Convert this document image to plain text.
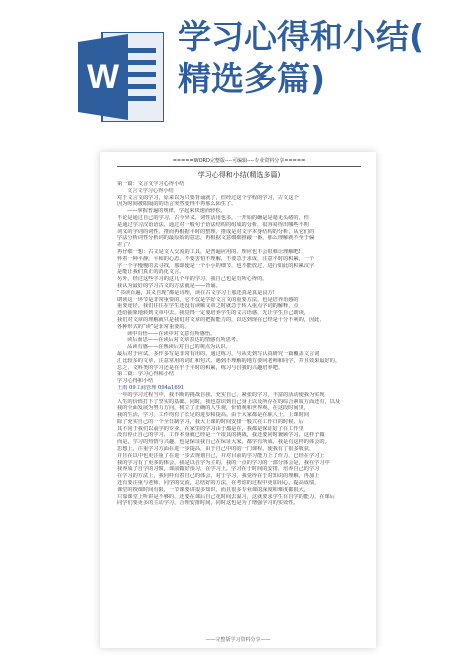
W
学习心得和小结(
精选多篇)
=====WORD完整版----可编辑----专业资料分享=====
学习心得和小结(精选多篇)
第一篇：文言文学习心得小结
文言文学习心得小结
对于文言文的学习，原来以为只要背诵就了，但经过这个学程的学习，古文这个
因为时间被限隔的的语言突然变得不再那么陌生了。
——掌握普遍的规律，学起来快速而轻松。
不论是通过自己的学习，古今异义，词性活用也多。一开始的确是是毫无头绪的，但
是通过学习汉语语法，通过对一般句子语法结构的组成的分析，很容易得出哪些不明
词义的字词的词性，推而再根据平时的整理，推成是对文字本身结构的分析，从它们的
学法分析词性分析词的最原始的意思，再根据文意细细推敲一番，那么理解就不至于偏
差了？
再仔细一想：古文是文人交流的工具，是普遍应用的，理应也不会很难让理解吧!
怀着一种平静，平和的心态，不要害怕不理解，不要急于求成，注意平时的积累，一个
字一个字慢慢的去寻找，那即使是一个小小的细节，也不能放过，进行如此的积累汉字
是能让我们真正的消化文言。
另外，经过这些学习的这几个年的学习，我自己也是有所心得的。
我认为最好的学习古文的方法就是——背诵。
“书读百遍，其义自现”都是诗理，读在古文学习上那还真是真是良方!
朗读这一环节是非常重要的，它不仅是学好文言文的重要方法，也是培养语感的
重要途径。我们往往在学生还没有读顺文章之时就急于转入重点字词的解释，点
还给抽象地转到文章中去。我觉得一定要培养学生的文言语感，先让学生自己朗读，
我们对文章的理解就只是我们对文章的把握能力的，以达到现在已经是十分不利的，因此，
各种形式的“读”是非常重要的。
读中有悟——在读中对文意有所感悟。
读后而思——在读后对文章表达的情感有所思考。
品读有感——在熟读后对自己的观点为认识。
最后对于应试，多作多写是非常有用的，通过练习，与从先到写认真研究一篇覆盖文言词
汇比较多的文章，注意常用的词汇和句式，遇到不理解的地方要问老师和同学，并且效果最好的。
总之，文科类的学习还是在乎于平时的积累，练习与自我的兴趣培养吧。
第二篇：学习心得和小结
学习心得和小结
王雨 09工商管理 094a1691
一年的学习过程当中，我不断的挑战自我，充实自己，紧张的学习，丰富的活动使我为实现
人生的价值打下了坚实的基础。同时，我也意识到自己身上以及所存在的综合素质方面还有，以及
我的全面发展为努力方向，树立了正确的人生观，价值观和世界观。在这段时间里，
我的生活，学习，工作均有了长足的进步和提高。由于大家都是在职人士，上课时间
除了充实自己的一个全日制学习，我大上课的时间安排一般式在工作日的时候，后
其不同于我们以前学的专业，在家里的学习由于都是在，我都是保证好了在工作里
没有停止自己的学习，工作本身就已经是一个很具的挑战，我还要同时兼顾学习，这样子做
而是，学习的热情与兴趣，也是保证我自己在保证大家，都学有所成，我是有这样的体会的。
思想上，注重学习方面在进一步提高，由于自己中的的一门课程，使我有了很多收获，
并且在以中也更注重了在进一步去规划自己，并对目前的学习能力上了作力，已经在学习上
我的学习有了更多的体会，我是以自学为主的，我的一点的学习的一部分体会是，我在学习中
我养成了自学的习惯，课前做好预习，在学习上，学习在于时间的安排，培养自己的学习
在学习的方法上，我同样有着自己的体会，对于学习，我觉得在于对知识的理解，再加上
还有要注重与老师、同学的交流，总结好的方法，在考虑的过程中更加用心、提高成绩，
课堂的授课时间有限，一节课要讲很多知识，而且很多专业课的深度和难度都很大，
只靠课堂上听讲是不够的，还要在课后自己花时间去温习，这就要求学生有自学的能力，在课后
同学们要更多的主动学习，合理安排时间，同时这也是为了增强学习的实效性。
——完整版学习资料分享——
